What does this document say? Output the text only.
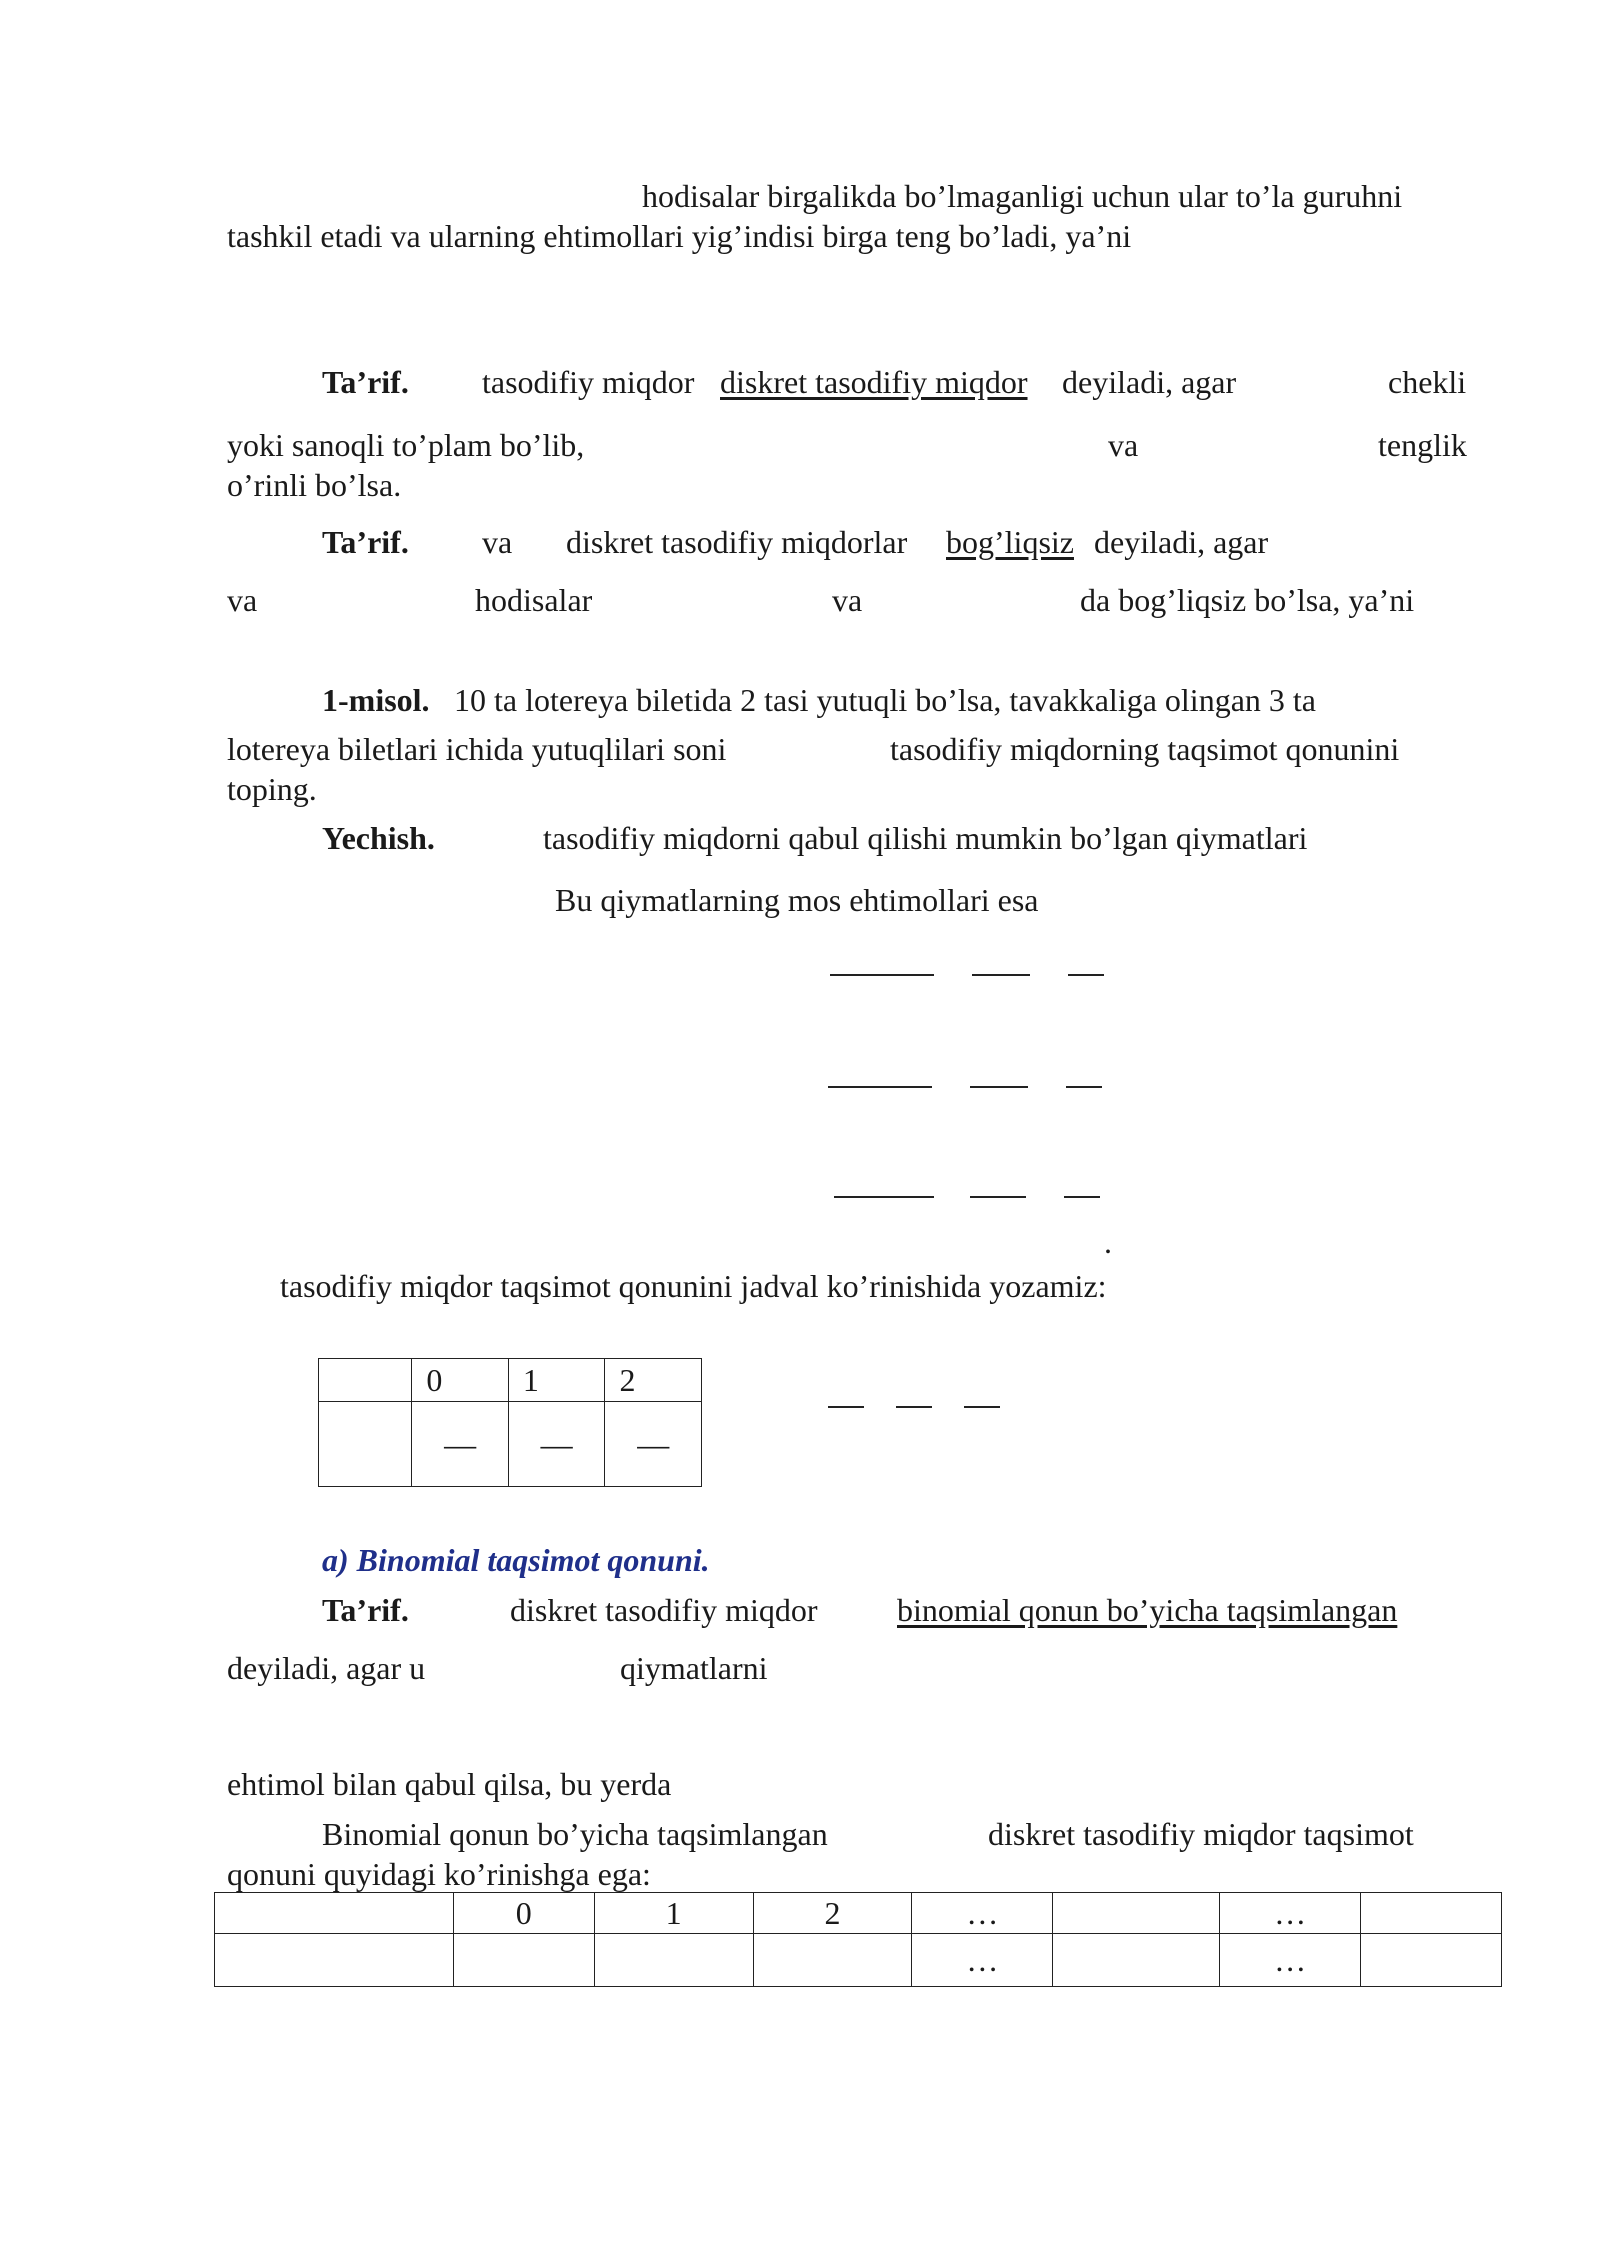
hodisalar birgalikda bo’lmaganligi uchun ular to’la guruhni
tashkil etadi va ularning ehtimollari yig’indisi birga teng bo’ladi, ya’ni
Ta’rif. tasodifiy miqdor diskret tasodifiy miqdor deyiladi, agar	chekli
yoki sanoqli to’plam bo’lib,	va	tenglik
o’rinli bo’lsa.
Ta’rif. va diskret tasodifiy miqdorlar bog’liqsiz deyiladi, agar
va	hodisalar	va	da bog’liqsiz bo’lsa, ya’ni
1-misol. 10 ta lotereya biletida 2 tasi yutuqli bo’lsa, tavakkaliga olingan 3 ta
lotereya biletlari ichida yutuqlilari soni	tasodifiy miqdorning taqsimot qonunini
toping.
Yechish.	tasodifiy miqdorni qabul qilishi mumkin bo’lgan qiymatlari
Bu qiymatlarning mos ehtimollari esa
.
tasodifiy miqdor taqsimot qonunini jadval ko’rinishida yozamiz:
	0	1	2
	—	—	—
a) Binomial taqsimot qonuni.
Ta’rif.	diskret tasodifiy miqdor binomial qonun bo’yicha taqsimlangan
deyiladi, agar u	qiymatlarni
ehtimol bilan qabul qilsa, bu yerda
Binomial qonun bo’yicha taqsimlangan	diskret tasodifiy miqdor taqsimot
qonuni quyidagi ko’rinishga ega:
	0	1	2	…		…	
				…		…	
